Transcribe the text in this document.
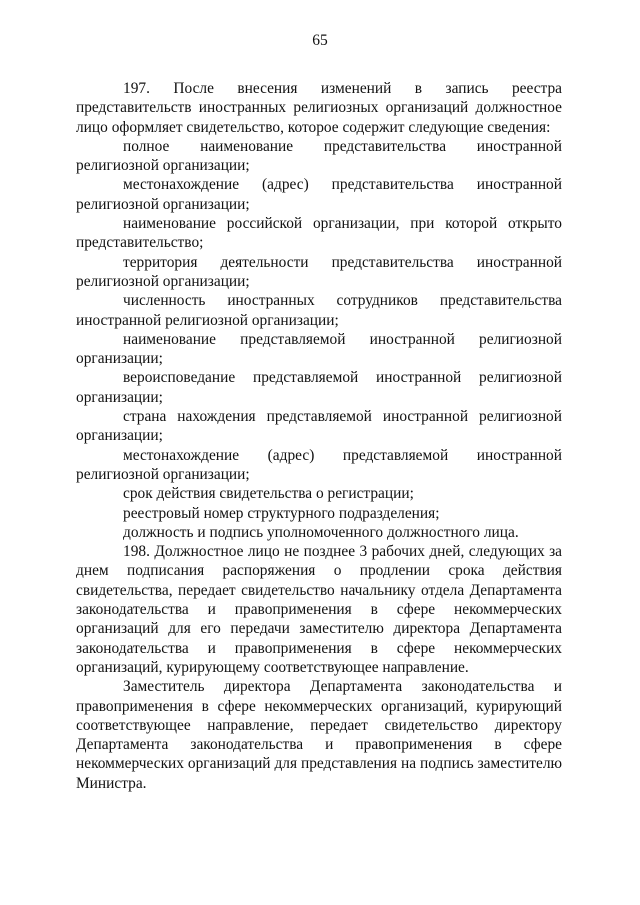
65

197. После внесения изменений в запись реестра представительств иностранных религиозных организаций должностное лицо оформляет свидетельство, которое содержит следующие сведения:

полное наименование представительства иностранной религиозной организации;

местонахождение (адрес) представительства иностранной религиозной организации;

наименование российской организации, при которой открыто представительство;

территория деятельности представительства иностранной религиозной организации;

численность иностранных сотрудников представительства иностранной религиозной организации;

наименование представляемой иностранной религиозной организации;

вероисповедание представляемой иностранной религиозной организации;

страна нахождения представляемой иностранной религиозной организации;

местонахождение (адрес) представляемой иностранной религиозной организации;

срок действия свидетельства о регистрации;

реестровый номер структурного подразделения;

должность и подпись уполномоченного должностного лица.

198. Должностное лицо не позднее 3 рабочих дней, следующих за днем подписания распоряжения о продлении срока действия свидетельства, передает свидетельство начальнику отдела Департамента законодательства и правоприменения в сфере некоммерческих организаций для его передачи заместителю директора Департамента законодательства и правоприменения в сфере некоммерческих организаций, курирующему соответствующее направление.

Заместитель директора Департамента законодательства и правоприменения в сфере некоммерческих организаций, курирующий соответствующее направление, передает свидетельство директору Департамента законодательства и правоприменения в сфере некоммерческих организаций для представления на подпись заместителю Министра.
